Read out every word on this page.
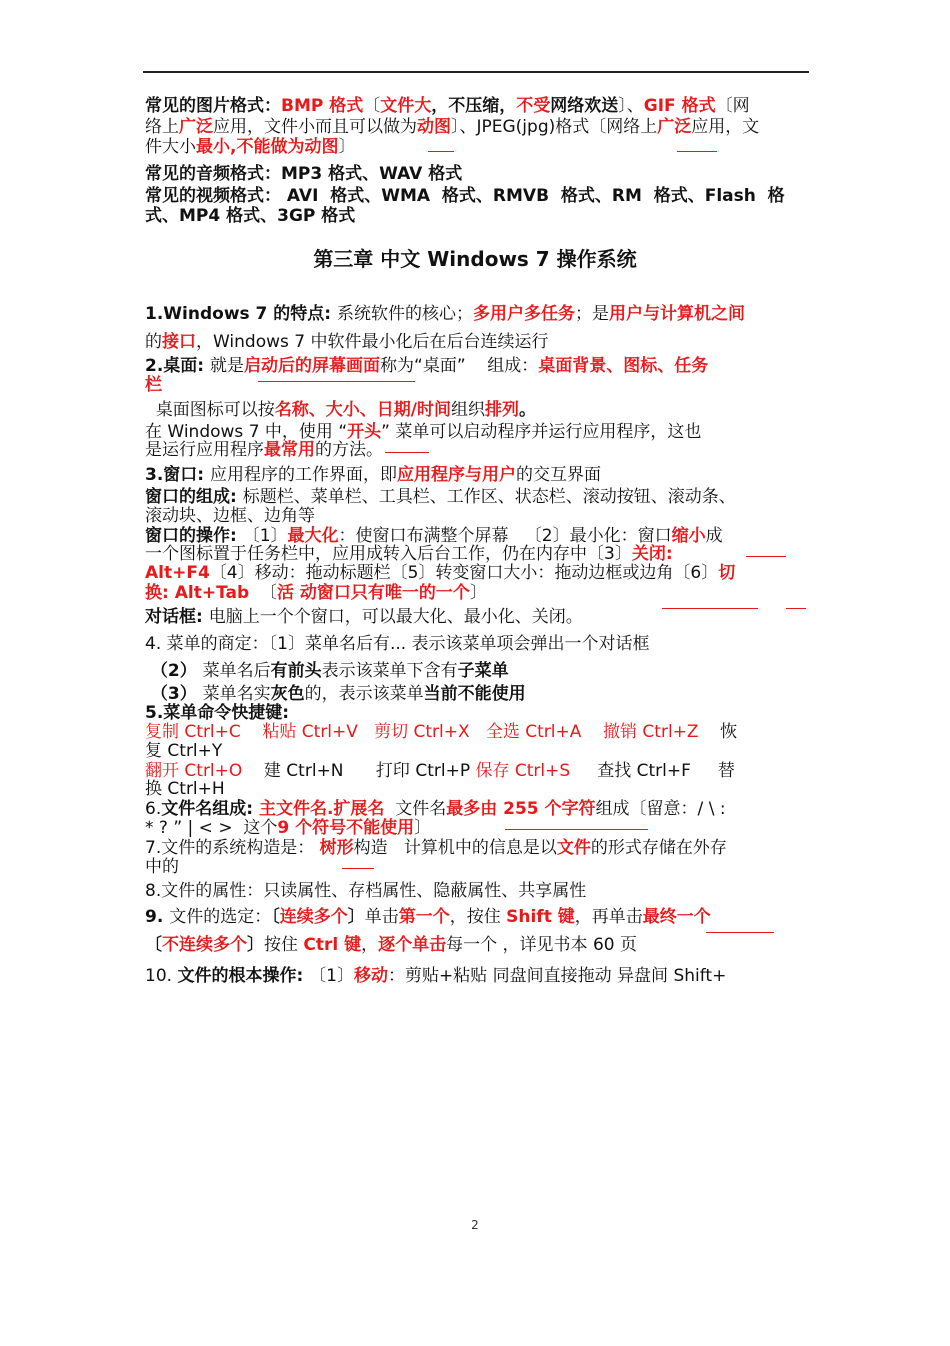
常见的图片格式：BMP 格式〔文件大，不压缩，不受网络欢送〕、GIF 格式〔网
络上广泛应用，文件小而且可以做为动图〕、JPEG(jpg)格式〔网络上广泛应用，文
件大小最小,不能做为动图〕
常见的音频格式：MP3 格式、WAV 格式
常见的视频格式： AVI  格式、WMA  格式、RMVB  格式、RM  格式、Flash  格
式、MP4 格式、3GP 格式
1.Windows 7 的特点: 系统软件的核心；多用户多任务；是用户与计算机之间
的接口，Windows 7 中软件最小化后在后台连续运行
2.桌面: 就是启动后的屏幕画面称为“桌面”    组成：桌面背景、图标、任务
栏
桌面图标可以按名称、大小、日期/时间组织排列。
在 Windows 7 中，使用 “开头” 菜单可以启动程序并运行应用程序，这也
是运行应用程序最常用的方法。
3.窗口: 应用程序的工作界面，即应用程序与用户的交互界面
窗口的组成: 标题栏、菜单栏、工具栏、工作区、状态栏、滚动按钮、滚动条、
滚动块、边框、边角等
窗口的操作: 〔1〕最大化：使窗口布满整个屏幕   〔2〕最小化：窗口缩小成
一个图标置于任务栏中，应用成转入后台工作，仍在内存中〔3〕关闭:
Alt+F4〔4〕移动：拖动标题栏〔5〕转变窗口大小：拖动边框或边角〔6〕切
换: Alt+Tab  〔活 动窗口只有唯一的一个〕
对话框: 电脑上一个个窗口，可以最大化、最小化、关闭。
4. 菜单的商定：〔1〕菜单名后有... 表示该菜单项会弹出一个对话框
（2） 菜单名后有前头表示该菜单下含有子菜单
（3） 菜单名实灰色的，表示该菜单当前不能使用
5.菜单命令快捷键:
复制 Ctrl+C    粘贴 Ctrl+V   剪切 Ctrl+X   全选 Ctrl+A    撤销 Ctrl+Z    恢
复 Ctrl+Y
翻开 Ctrl+O    建 Ctrl+N      打印 Ctrl+P 保存 Ctrl+S     查找 Ctrl+F     替
换 Ctrl+H
6.文件名组成: 主文件名.扩展名  文件名最多由 255 个字符组成〔留意：/ \ :
* ? ” | < >  这个9 个符号不能使用〕
7.文件的系统构造是： 树形构造   计算机中的信息是以文件的形式存储在外存
中的
8.文件的属性：只读属性、存档属性、隐蔽属性、共享属性
9. 文件的选定：〔连续多个〕单击第一个，按住 Shift 键，再单击最终一个
〔不连续多个〕按住 Ctrl 键，逐个单击每一个 ，详见书本 60 页
10. 文件的根本操作: 〔1〕移动：剪贴+粘贴 同盘间直接拖动 异盘间 Shift+
第三章 中文 Windows 7 操作系统
2
